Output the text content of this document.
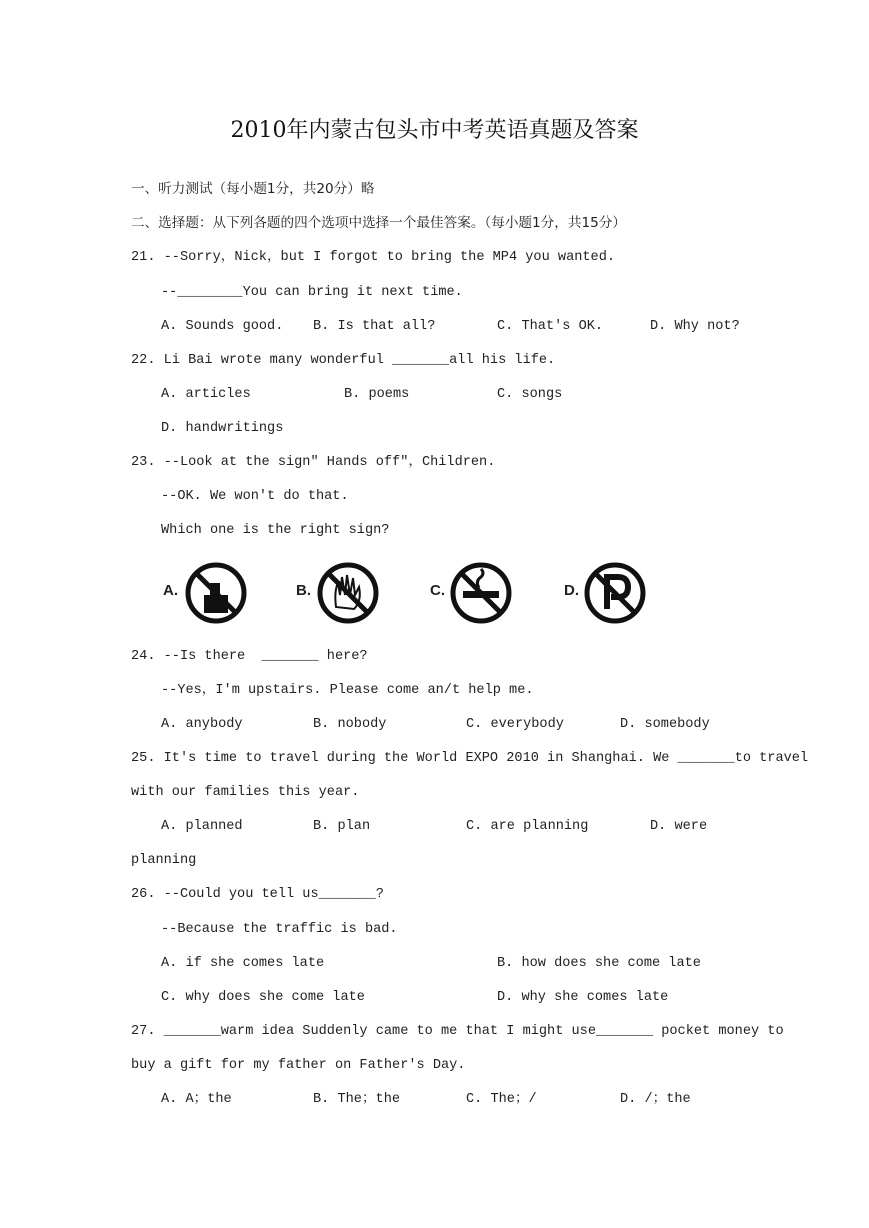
2010年内蒙古包头市中考英语真题及答案
一、听力测试（每小题1分，共20分）略
二、选择题：从下列各题的四个选项中选择一个最佳答案。（每小题1分，共15分）
21. --Sorry，Nick，but I forgot to bring the MP4 you wanted.
--________You can bring it next time.
A. Sounds good. B. Is that all?	C. That's OK.	D. Why not?
22. Li Bai wrote many wonderful _______all his life.
A. articles	B. poems	C. songs
D. handwritings
23. --Look at the sign" Hands off"，Children.
--OK. We won't do that.
Which one is the right sign?
A.	B.	C.	D.
24. --Is there  _______ here?
--Yes，I'm upstairs. Please come an/t help me.
A. anybody	B. nobody	C. everybody	D. somebody
25. It's time to travel during the World EXPO 2010 in Shanghai. We _______to travel
with our families this year.
A. planned	B. plan	C. are planning	D. were
planning
26. --Could you tell us_______?
--Because the traffic is bad.
A. if she comes late	B. how does she come late
C. why does she come late	D. why she comes late
27. _______warm idea Suddenly came to me that I might use_______ pocket money to
buy a gift for my father on Father's Day.
A. A；the	B. The；the	C. The；/	D. /；the
